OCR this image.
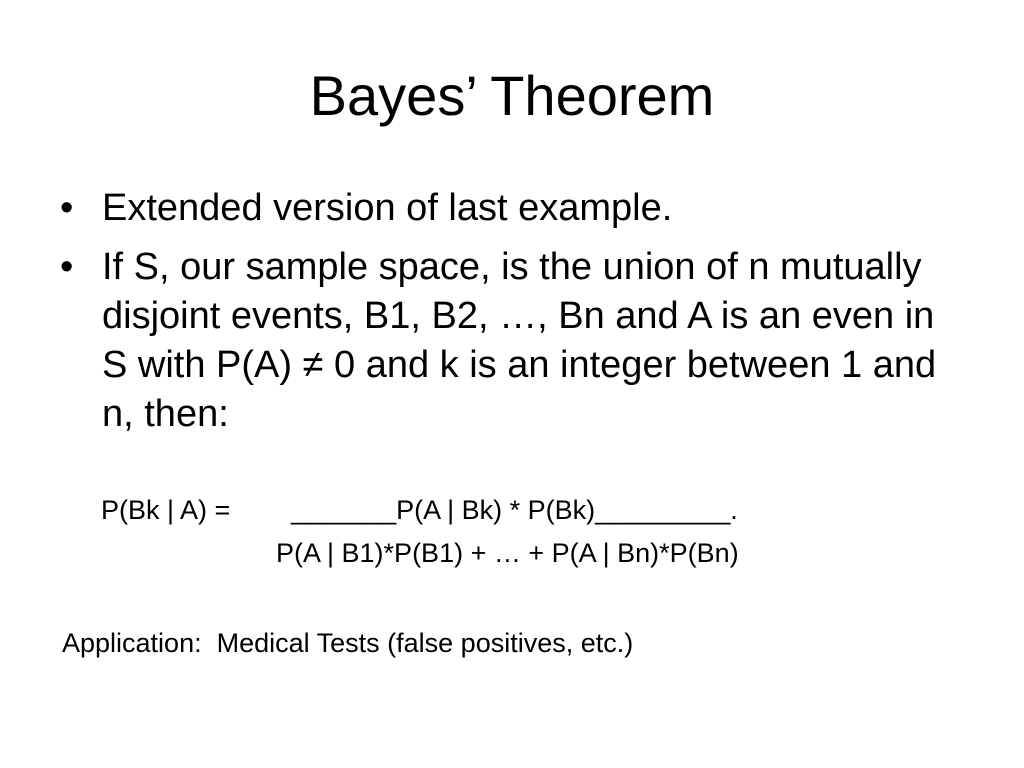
Bayes’ Theorem
• Extended version of last example.
• If S, our sample space, is the union of n mutually disjoint events, B1, B2, …, Bn and A is an even in S with P(A) ≠ 0 and k is an integer between 1 and n, then:
P(Bk | A) = _______P(A | Bk) * P(Bk)_________.
P(A | B1)*P(B1) + … + P(A | Bn)*P(Bn)
Application:  Medical Tests (false positives, etc.)
